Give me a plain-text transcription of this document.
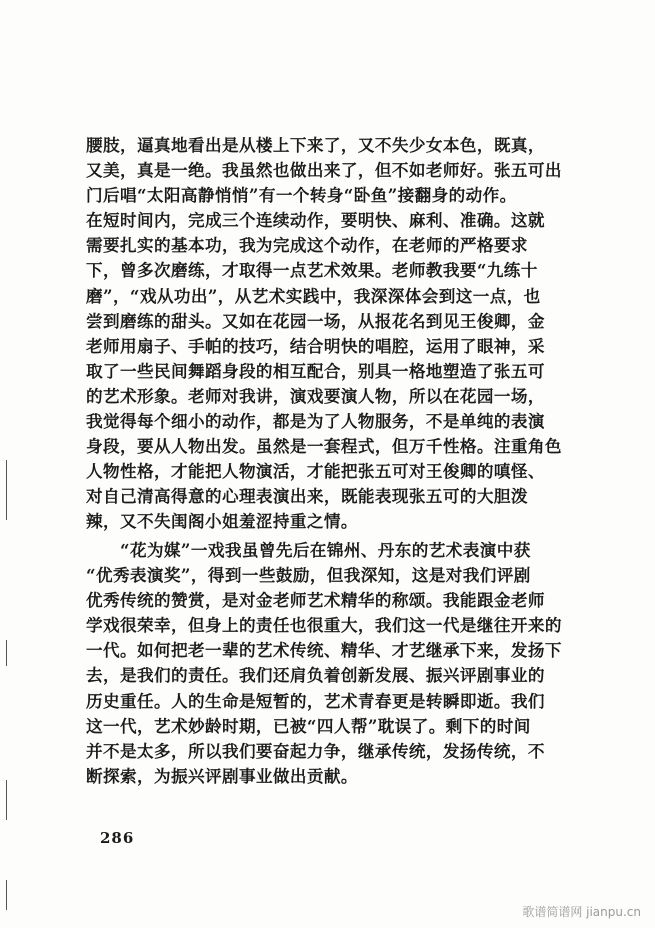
腰肢，逼真地看出是从楼上下来了，又不失少女本色，既真，
又美，真是一绝。我虽然也做出来了，但不如老师好。张五可出
门后唱“太阳高静悄悄”有一个转身“卧鱼”接翻身的动作。
在短时间内，完成三个连续动作，要明快、麻利、准确。这就
需要扎实的基本功，我为完成这个动作，在老师的严格要求
下，曾多次磨练，才取得一点艺术效果。老师教我要“九练十
磨”，“戏从功出”，从艺术实践中，我深深体会到这一点，也
尝到磨练的甜头。又如在花园一场，从报花名到见王俊卿，金
老师用扇子、手帕的技巧，结合明快的唱腔，运用了眼神，采
取了一些民间舞蹈身段的相互配合，别具一格地塑造了张五可
的艺术形象。老师对我讲，演戏要演人物，所以在花园一场，
我觉得每个细小的动作，都是为了人物服务，不是单纯的表演
身段，要从人物出发。虽然是一套程式，但万千性格。注重角色
人物性格，才能把人物演活，才能把张五可对王俊卿的嗔怪、
对自己清高得意的心理表演出来，既能表现张五可的大胆泼
辣，又不失闺阁小姐羞涩持重之情。
“花为媒”一戏我虽曾先后在锦州、丹东的艺术表演中获
“优秀表演奖”，得到一些鼓励，但我深知，这是对我们评剧
优秀传统的赞赏，是对金老师艺术精华的称颂。我能跟金老师
学戏很荣幸，但身上的责任也很重大，我们这一代是继往开来的
一代。如何把老一辈的艺术传统、精华、才艺继承下来，发扬下
去，是我们的责任。我们还肩负着创新发展、振兴评剧事业的
历史重任。人的生命是短暂的，艺术青春更是转瞬即逝。我们
这一代，艺术妙龄时期，已被“四人帮”耽误了。剩下的时间
并不是太多，所以我们要奋起力争，继承传统，发扬传统，不
断探索，为振兴评剧事业做出贡献。
286
歌谱简谱网 jianpu.cn
